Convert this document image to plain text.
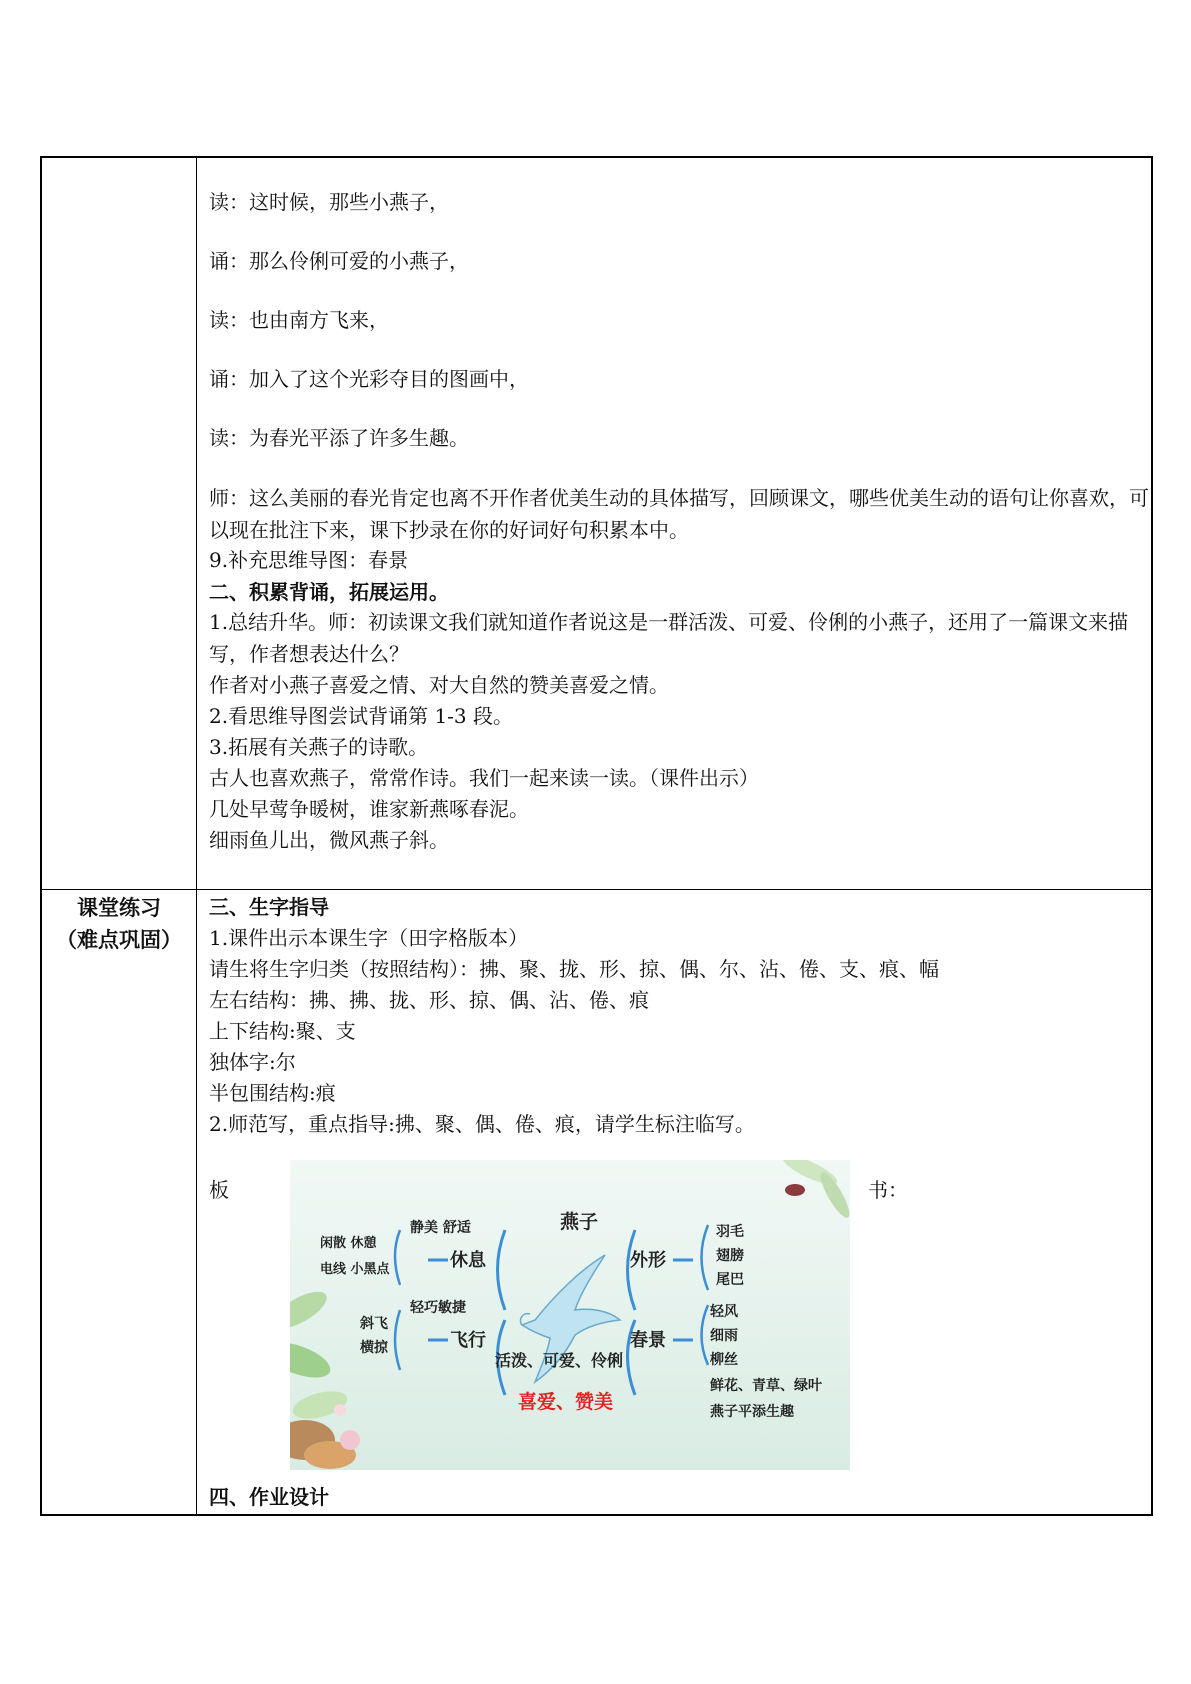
课堂练习
（难点巩固）
读：这时候，那些小燕子，
诵：那么伶俐可爱的小燕子，
读：也由南方飞来，
诵：加入了这个光彩夺目的图画中，
读：为春光平添了许多生趣。
师：这么美丽的春光肯定也离不开作者优美生动的具体描写，回顾课文，哪些优美生动的语句让你喜欢，可以现在批注下来，课下抄录在你的好词好句积累本中。
9.补充思维导图：春景
二、积累背诵，拓展运用。
1.总结升华。师：初读课文我们就知道作者说这是一群活泼、可爱、伶俐的小燕子，还用了一篇课文来描写，作者想表达什么？
作者对小燕子喜爱之情、对大自然的赞美喜爱之情。
2.看思维导图尝试背诵第 1-3 段。
3.拓展有关燕子的诗歌。
古人也喜欢燕子，常常作诗。我们一起来读一读。（课件出示）
几处早莺争暖树，谁家新燕啄春泥。
细雨鱼儿出，微风燕子斜。
三、生字指导
1.课件出示本课生字（田字格版本）
请生将生字归类（按照结构）：拂、聚、拢、形、掠、偶、尔、沾、倦、支、痕、幅
左右结构：拂、拂、拢、形、掠、偶、沾、倦、痕
上下结构:聚、支
独体字:尔
半包围结构:痕
2.师范写，重点指导:拂、聚、偶、倦、痕，请学生标注临写。
板	书：
燕子
静美 舒适
休息
闲散 休憩
电线 小黑点
轻巧敏捷
飞行
斜飞
横掠
活泼、可爱、伶俐
喜爱、赞美
外形
羽毛
翅膀
尾巴
春景
轻风
细雨
柳丝
鲜花、青草、绿叶
燕子平添生趣
四、作业设计
